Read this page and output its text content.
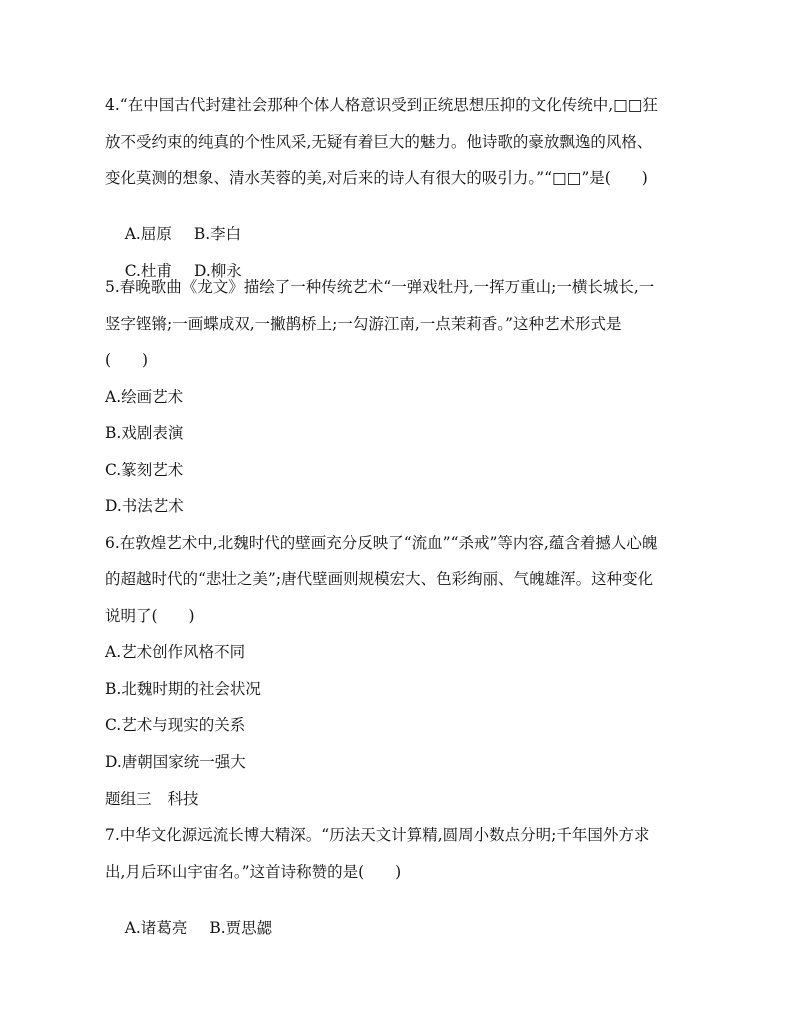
4.“在中国古代封建社会那种个体人格意识受到正统思想压抑的文化传统中,□□狂
放不受约束的纯真的个性风采,无疑有着巨大的魅力。他诗歌的豪放飘逸的风格、
变化莫测的想象、清水芙蓉的美,对后来的诗人有很大的吸引力。”“□□”是(　　)

A.屈原 B.李白

C.杜甫 D.柳永

5.春晚歌曲《龙文》描绘了一种传统艺术“一弹戏牡丹,一挥万重山;一横长城长,一
竖字铿锵;一画蝶成双,一撇鹊桥上;一勾游江南,一点茉莉香。”这种艺术形式是
(　　)
A.绘画艺术
B.戏剧表演
C.篆刻艺术
D.书法艺术
6.在敦煌艺术中,北魏时代的壁画充分反映了“流血”“杀戒”等内容,蕴含着撼人心魄
的超越时代的“悲壮之美”;唐代壁画则规模宏大、色彩绚丽、气魄雄浑。这种变化
说明了(　　)
A.艺术创作风格不同
B.北魏时期的社会状况
C.艺术与现实的关系
D.唐朝国家统一强大
题组三 科技
7.中华文化源远流长博大精深。“历法天文计算精,圆周小数点分明;千年国外方求
出,月后环山宇宙名。”这首诗称赞的是(　　)

A.诸葛亮 B.贾思勰
